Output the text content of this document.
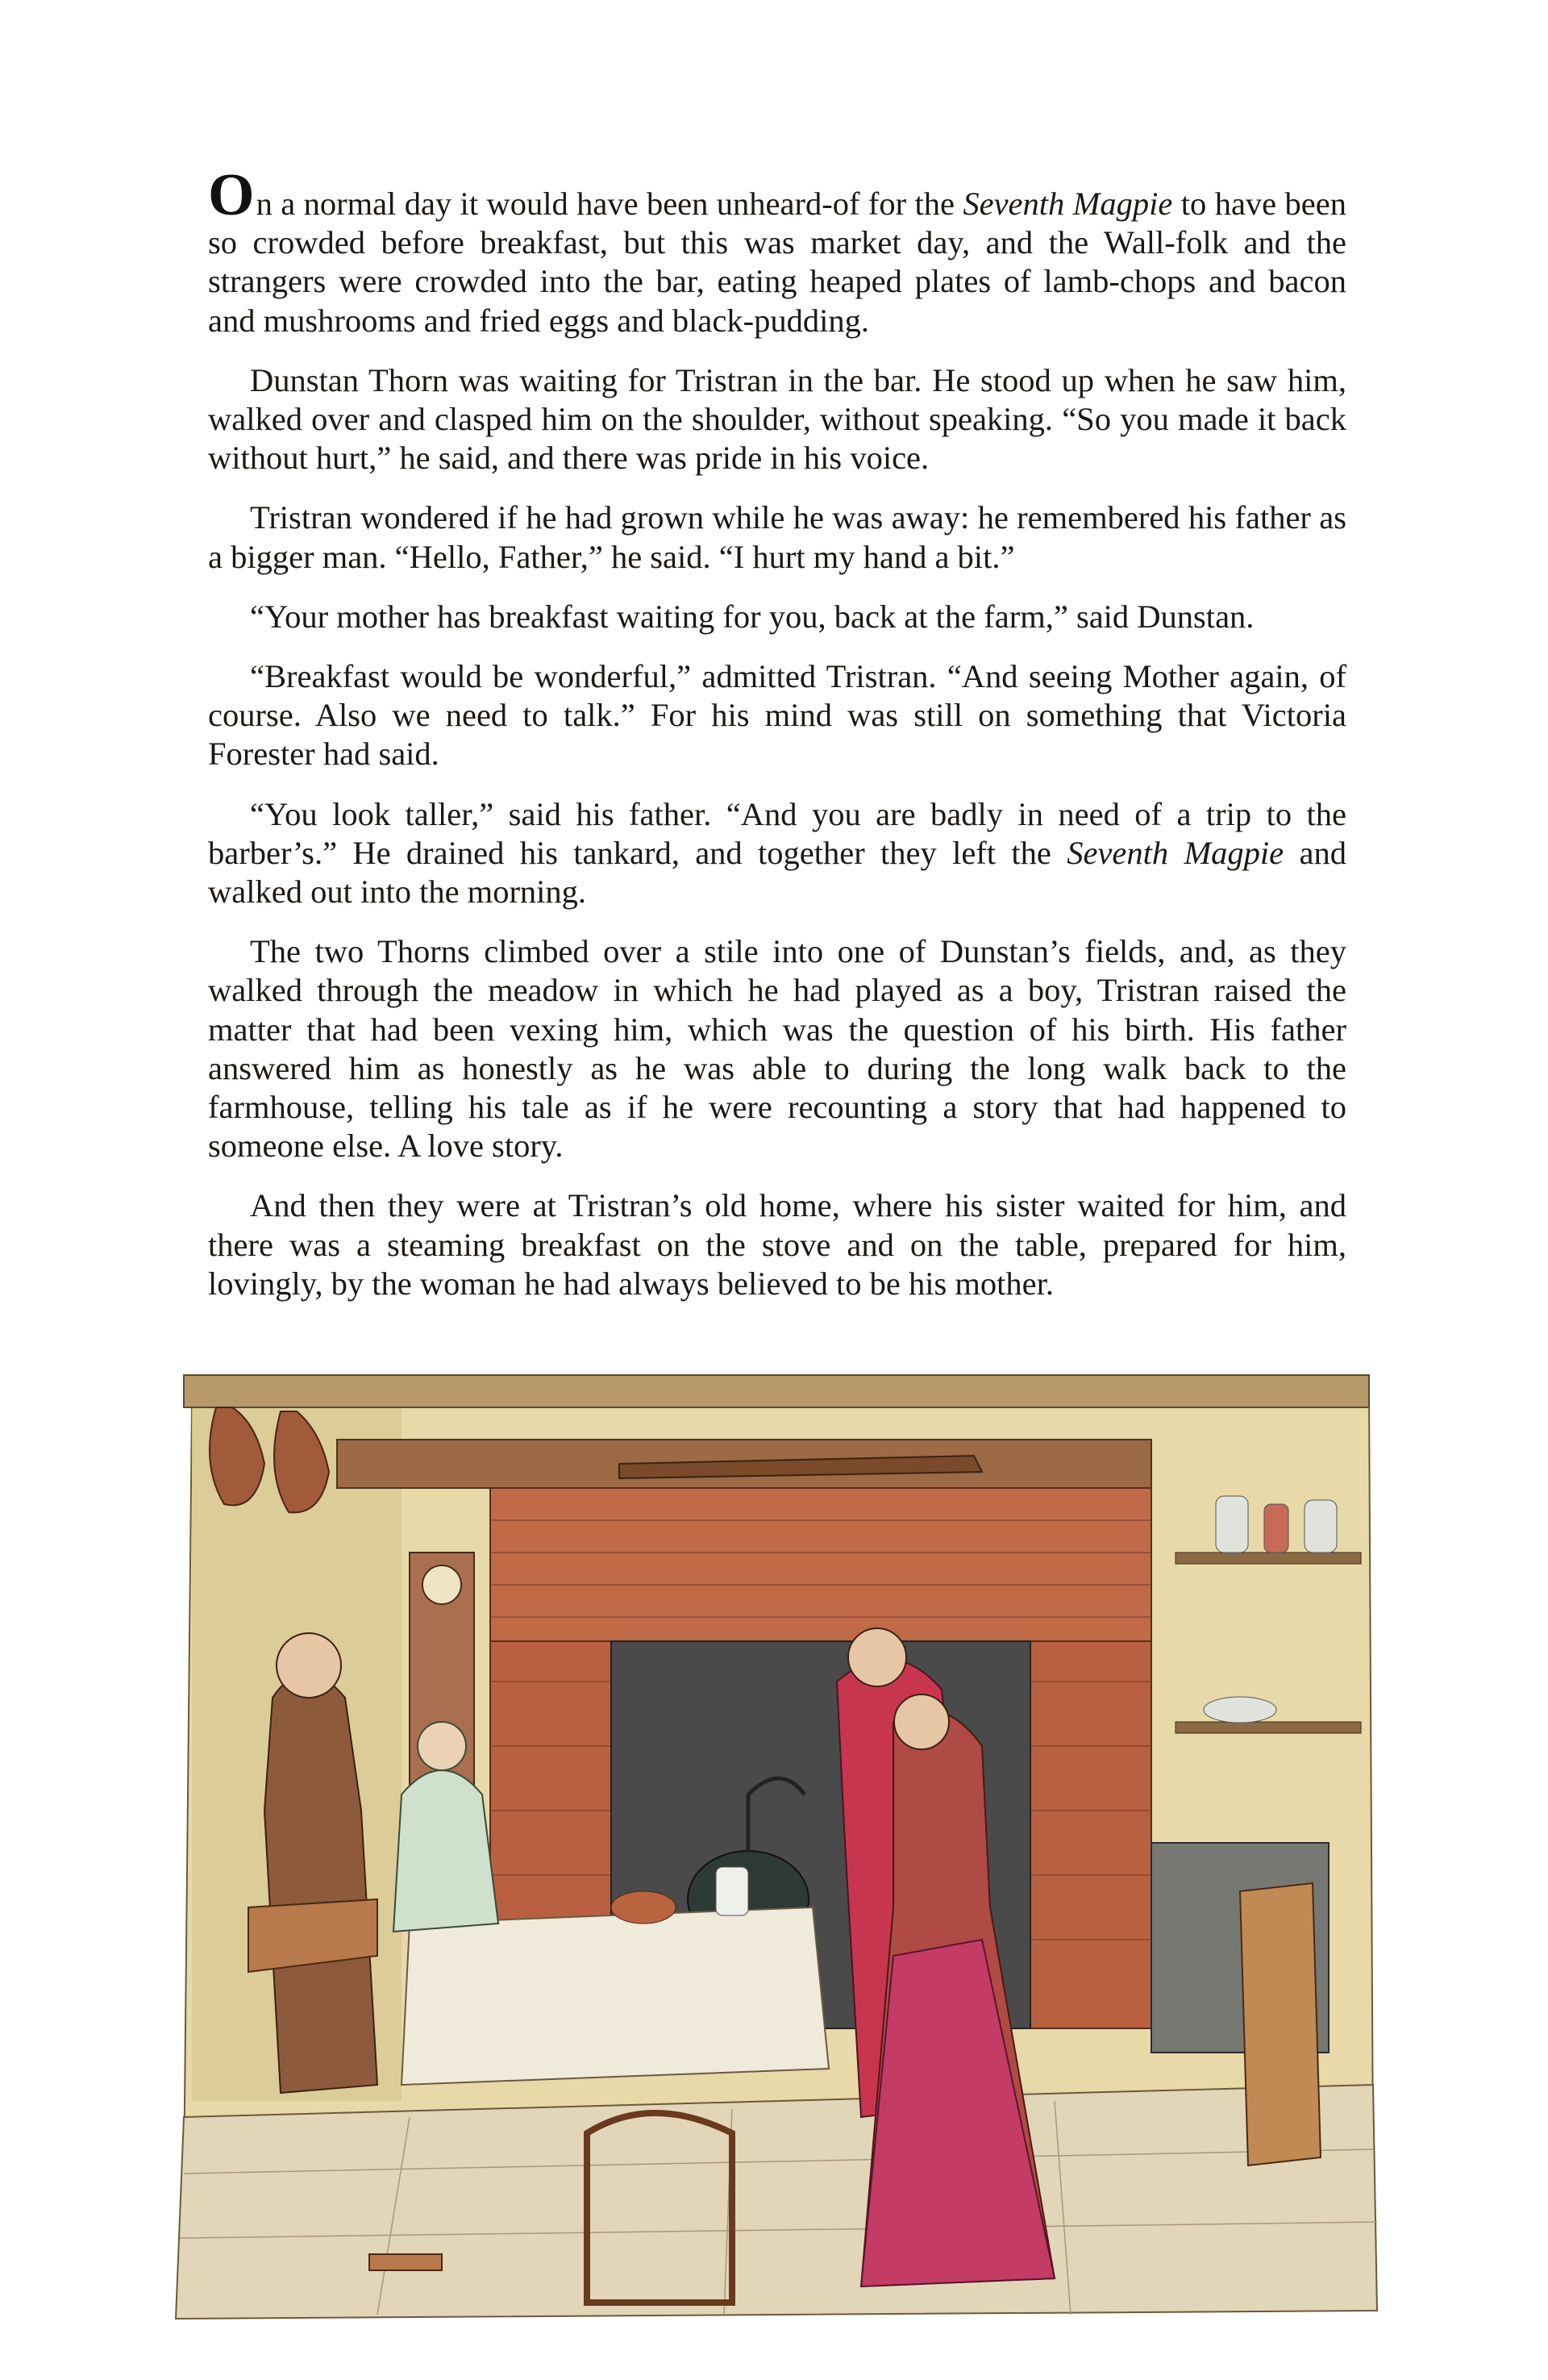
On a normal day it would have been unheard-of for the Seventh Magpie to have been so crowded before breakfast, but this was market day, and the Wall-folk and the strangers were crowded into the bar, eating heaped plates of lamb-chops and bacon and mushrooms and fried eggs and black-pudding.

Dunstan Thorn was waiting for Tristran in the bar. He stood up when he saw him, walked over and clasped him on the shoulder, without speaking. “So you made it back without hurt,” he said, and there was pride in his voice.

Tristran wondered if he had grown while he was away: he remembered his father as a bigger man. “Hello, Father,” he said. “I hurt my hand a bit.”

“Your mother has breakfast waiting for you, back at the farm,” said Dunstan.

“Breakfast would be wonderful,” admitted Tristran. “And seeing Mother again, of course. Also we need to talk.” For his mind was still on something that Victoria Forester had said.

“You look taller,” said his father. “And you are badly in need of a trip to the barber’s.” He drained his tankard, and together they left the Seventh Magpie and walked out into the morning.

The two Thorns climbed over a stile into one of Dunstan’s fields, and, as they walked through the meadow in which he had played as a boy, Tristran raised the matter that had been vexing him, which was the question of his birth. His father answered him as honestly as he was able to during the long walk back to the farmhouse, telling his tale as if he were recounting a story that had happened to someone else. A love story.

And then they were at Tristran’s old home, where his sister waited for him, and there was a steaming breakfast on the stove and on the table, prepared for him, lovingly, by the woman he had always believed to be his mother.
